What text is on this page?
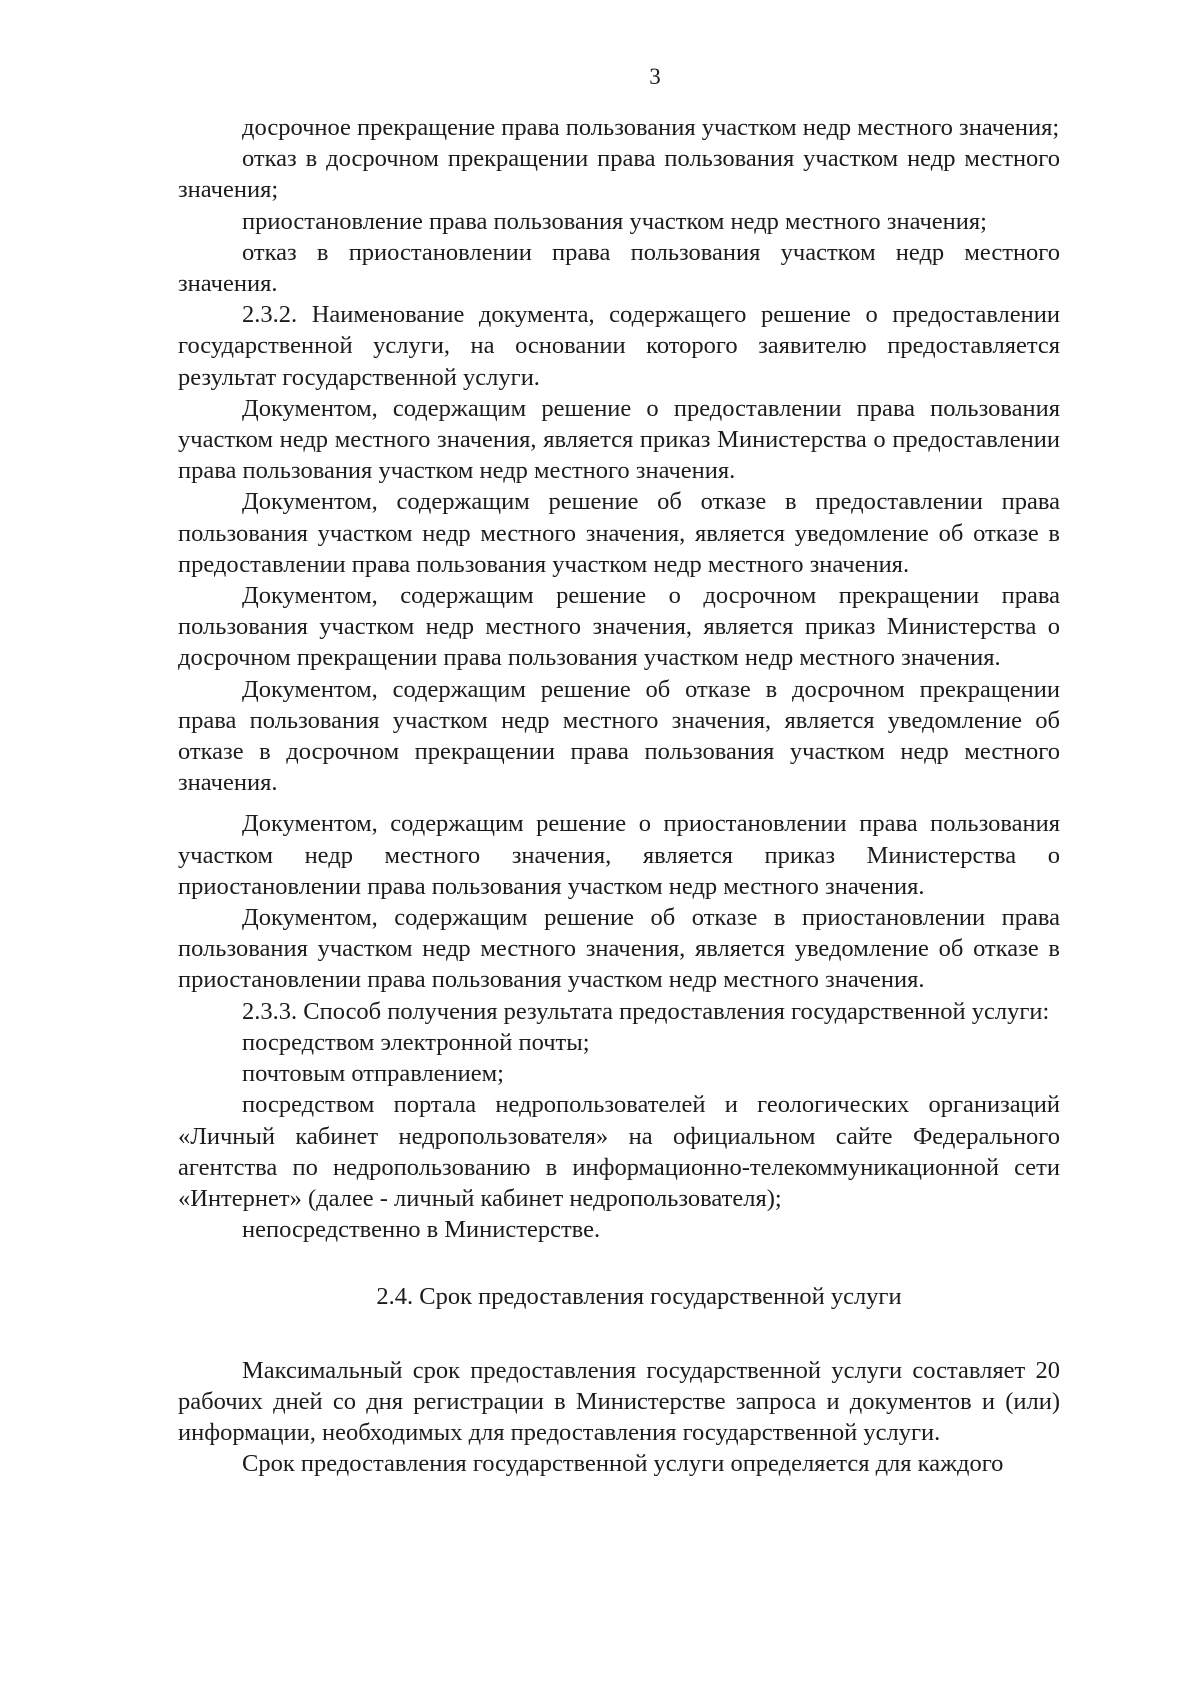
3

досрочное прекращение права пользования участком недр местного значения;

отказ в досрочном прекращении права пользования участком недр местного значения;

приостановление права пользования участком недр местного значения;

отказ в приостановлении права пользования участком недр местного значения.

2.3.2. Наименование документа, содержащего решение о предоставлении государственной услуги, на основании которого заявителю предоставляется результат государственной услуги.

Документом, содержащим решение о предоставлении права пользования участком недр местного значения, является приказ Министерства о предоставлении права пользования участком недр местного значения.

Документом, содержащим решение об отказе в предоставлении права пользования участком недр местного значения, является уведомление об отказе в предоставлении права пользования участком недр местного значения.

Документом, содержащим решение о досрочном прекращении права пользования участком недр местного значения, является приказ Министерства о досрочном прекращении права пользования участком недр местного значения.

Документом, содержащим решение об отказе в досрочном прекращении права пользования участком недр местного значения, является уведомление об отказе в досрочном прекращении права пользования участком недр местного значения.

Документом, содержащим решение о приостановлении права пользования участком недр местного значения, является приказ Министерства о приостановлении права пользования участком недр местного значения.

Документом, содержащим решение об отказе в приостановлении права пользования участком недр местного значения, является уведомление об отказе в приостановлении права пользования участком недр местного значения.

2.3.3. Способ получения результата предоставления государственной услуги:

посредством электронной почты;

почтовым отправлением;

посредством портала недропользователей и геологических организаций «Личный кабинет недропользователя» на официальном сайте Федерального агентства по недропользованию в информационно-телекоммуникационной сети «Интернет» (далее - личный кабинет недропользователя);

непосредственно в Министерстве.

2.4. Срок предоставления государственной услуги

Максимальный срок предоставления государственной услуги составляет 20 рабочих дней со дня регистрации в Министерстве запроса и документов и (или) информации, необходимых для предоставления государственной услуги.

Срок предоставления государственной услуги определяется для каждого
